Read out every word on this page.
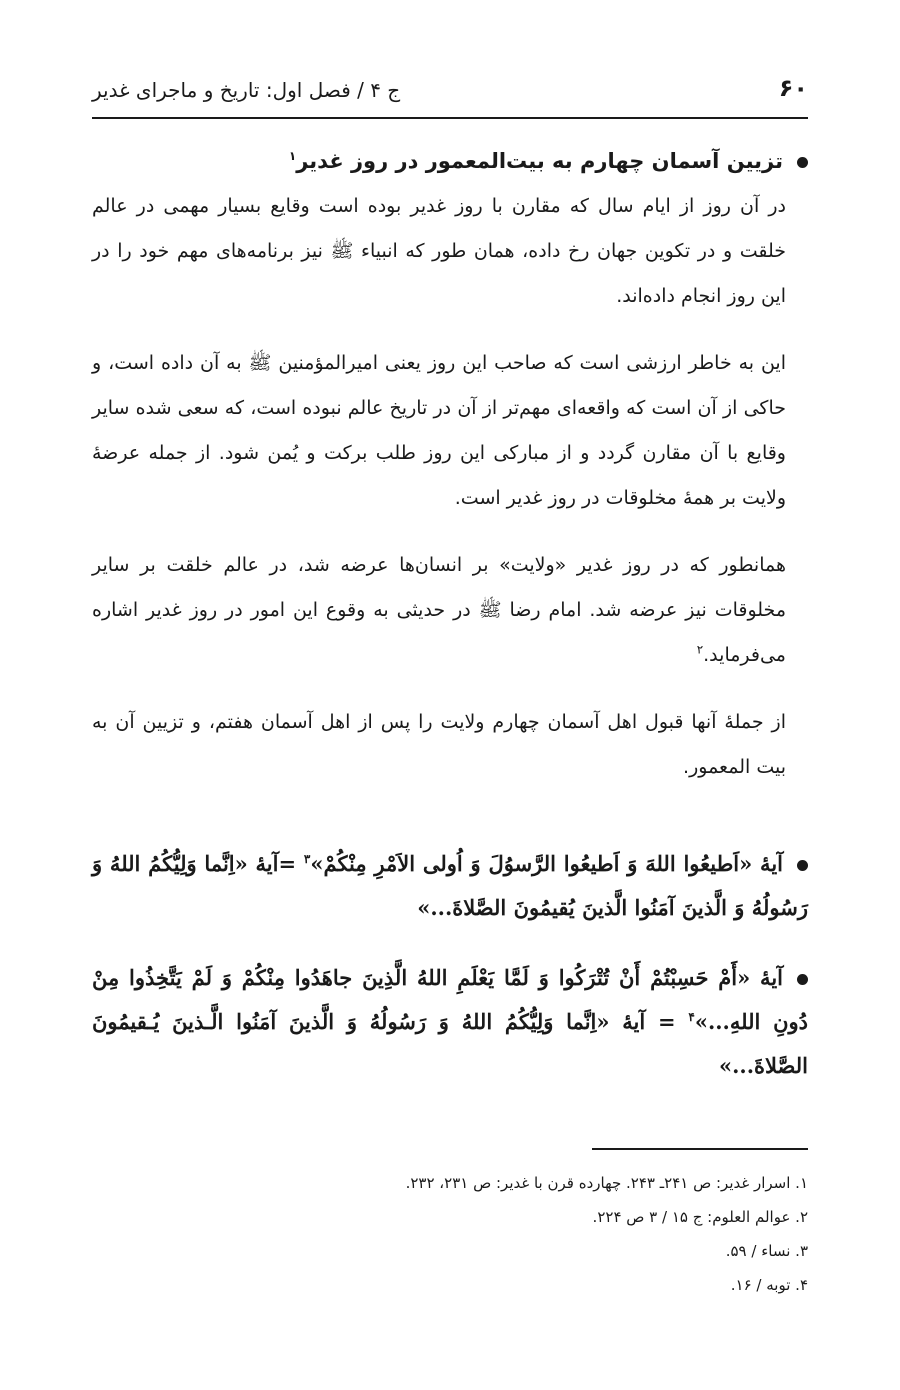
۶۰
ج ۴ / فصل اول: تاریخ و ماجرای غدیر

تزیین آسمان چهارم به بیت‌المعمور در روز غدیر$^۱$

در آن روز از ایام سال که مقارن با روز غدیر بوده است وقایع بسیار مهمی در عالم خلقت و در تکوین جهان رخ داده، همان طور که انبیاء ﷺ نیز برنامه‌های مهم خود را در این روز انجام داده‌اند.

این به خاطر ارزشی است که صاحب این روز یعنی امیرالمؤمنین ﷺ به آن داده است، و حاکی از آن است که واقعه‌ای مهم‌تر از آن در تاریخ عالم نبوده است، که سعی شده سایر وقایع با آن مقارن گردد و از مبارکی این روز طلب برکت و یُمن شود. از جمله عرضهٔ ولایت بر همهٔ مخلوقات در روز غدیر است.

همانطور که در روز غدیر «ولایت» بر انسان‌ها عرضه شد، در عالم خلقت بر سایر مخلوقات نیز عرضه شد. امام رضا ﷺ در حدیثی به وقوع این امور در روز غدیر اشاره می‌فرماید.$^۲$

از جملهٔ آنها قبول اهل آسمان چهارم ولایت را پس از اهل آسمان هفتم، و تزیین آن به بیت المعمور.

آیهٔ «اَطیعُوا اللهَ وَ اَطیعُوا الرَّسوُلَ وَ اُولی الاَمْرِ مِنْکُمْ»$^۳$ =آیهٔ «اِنَّما وَلِیُّکُمُ اللهُ وَ رَسُولُهُ وَ الَّذینَ آمَنُوا الَّذینَ یُقیمُونَ الصَّلاةَ...»

آیهٔ «أَمْ حَسِبْتُمْ أَنْ تُتْرَکُوا وَ لَمَّا یَعْلَمِ اللهُ الَّذِینَ جاهَدُوا مِنْکُمْ وَ لَمْ یَتَّخِذُوا مِنْ دُونِ اللهِ...»$^۴$ = آیهٔ «اِنَّما وَلِیُّکُمُ اللهُ وَ رَسُولُهُ وَ الَّذینَ آمَنُوا الَّـذینَ یُـقیمُونَ الصَّلاةَ...»

۱. اسرار غدیر: ص ۲۴۱ـ ۲۴۳. چهارده قرن با غدیر: ص ۲۳۱، ۲۳۲.

۲. عوالم العلوم: ج ۱۵ / ۳ ص ۲۲۴.

۳. نساء / ۵۹.

۴. توبه / ۱۶.
